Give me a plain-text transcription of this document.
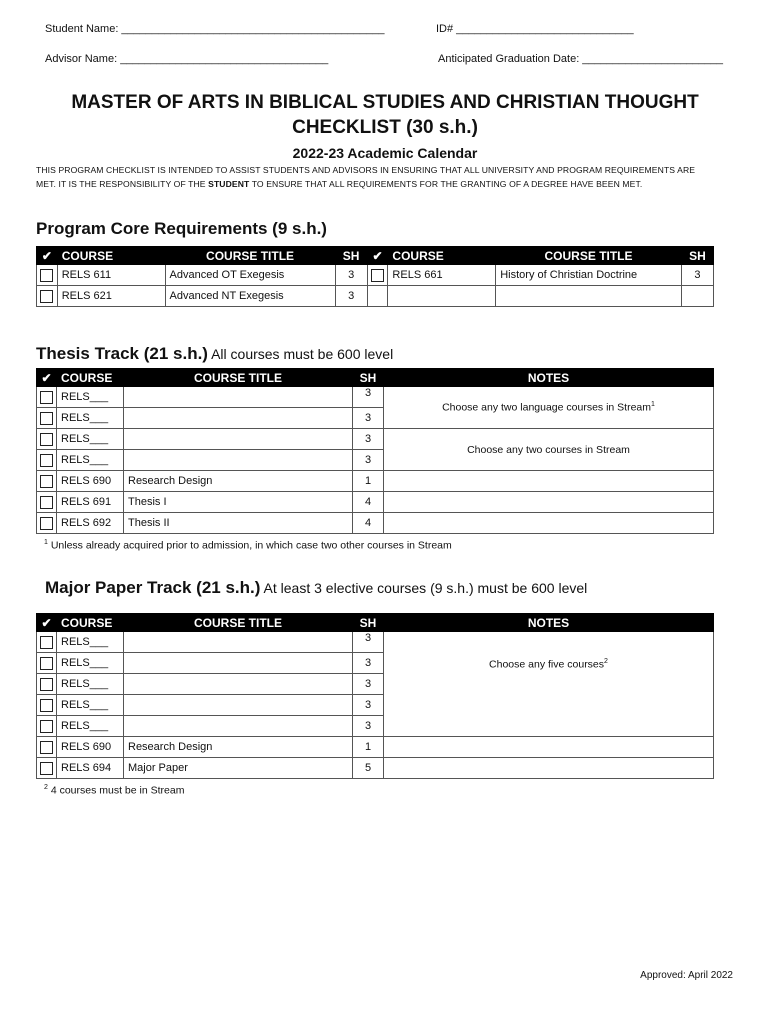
Student Name: ___________________________________________	ID# _____________________________
Advisor Name: __________________________________	Anticipated Graduation Date: _______________________
MASTER OF ARTS IN BIBLICAL STUDIES AND CHRISTIAN THOUGHT
CHECKLIST (30 s.h.)
2022-23 Academic Calendar
THIS PROGRAM CHECKLIST IS INTENDED TO ASSIST STUDENTS AND ADVISORS IN ENSURING THAT ALL UNIVERSITY AND PROGRAM REQUIREMENTS ARE
MET. IT IS THE RESPONSIBILITY OF THE STUDENT TO ENSURE THAT ALL REQUIREMENTS FOR THE GRANTING OF A DEGREE HAVE BEEN MET.
Program Core Requirements (9 s.h.)
✔	COURSE	COURSE TITLE	SH	✔	COURSE	COURSE TITLE	SH
	RELS 611	Advanced OT Exegesis	3		RELS 661	History of Christian Doctrine	3
	RELS 621	Advanced NT Exegesis	3				
Thesis Track (21 s.h.) All courses must be 600 level
✔	COURSE	COURSE TITLE	SH	NOTES
	RELS___		3	Choose any two language courses in Stream$^1$
	RELS___		3	
	RELS___		3	Choose any two courses in Stream
	RELS___		3	
	RELS 690	Research Design	1	
	RELS 691	Thesis I	4	
	RELS 692	Thesis II	4	
$^1$ Unless already acquired prior to admission, in which case two other courses in Stream
Major Paper Track (21 s.h.) At least 3 elective courses (9 s.h.) must be 600 level
✔	COURSE	COURSE TITLE	SH	NOTES
	RELS___		3	Choose any five courses$^2$
	RELS___		3	
	RELS___		3	
	RELS___		3	
	RELS___		3	
	RELS 690	Research Design	1	
	RELS 694	Major Paper	5	
$^2$ 4 courses must be in Stream
Approved: April 2022
